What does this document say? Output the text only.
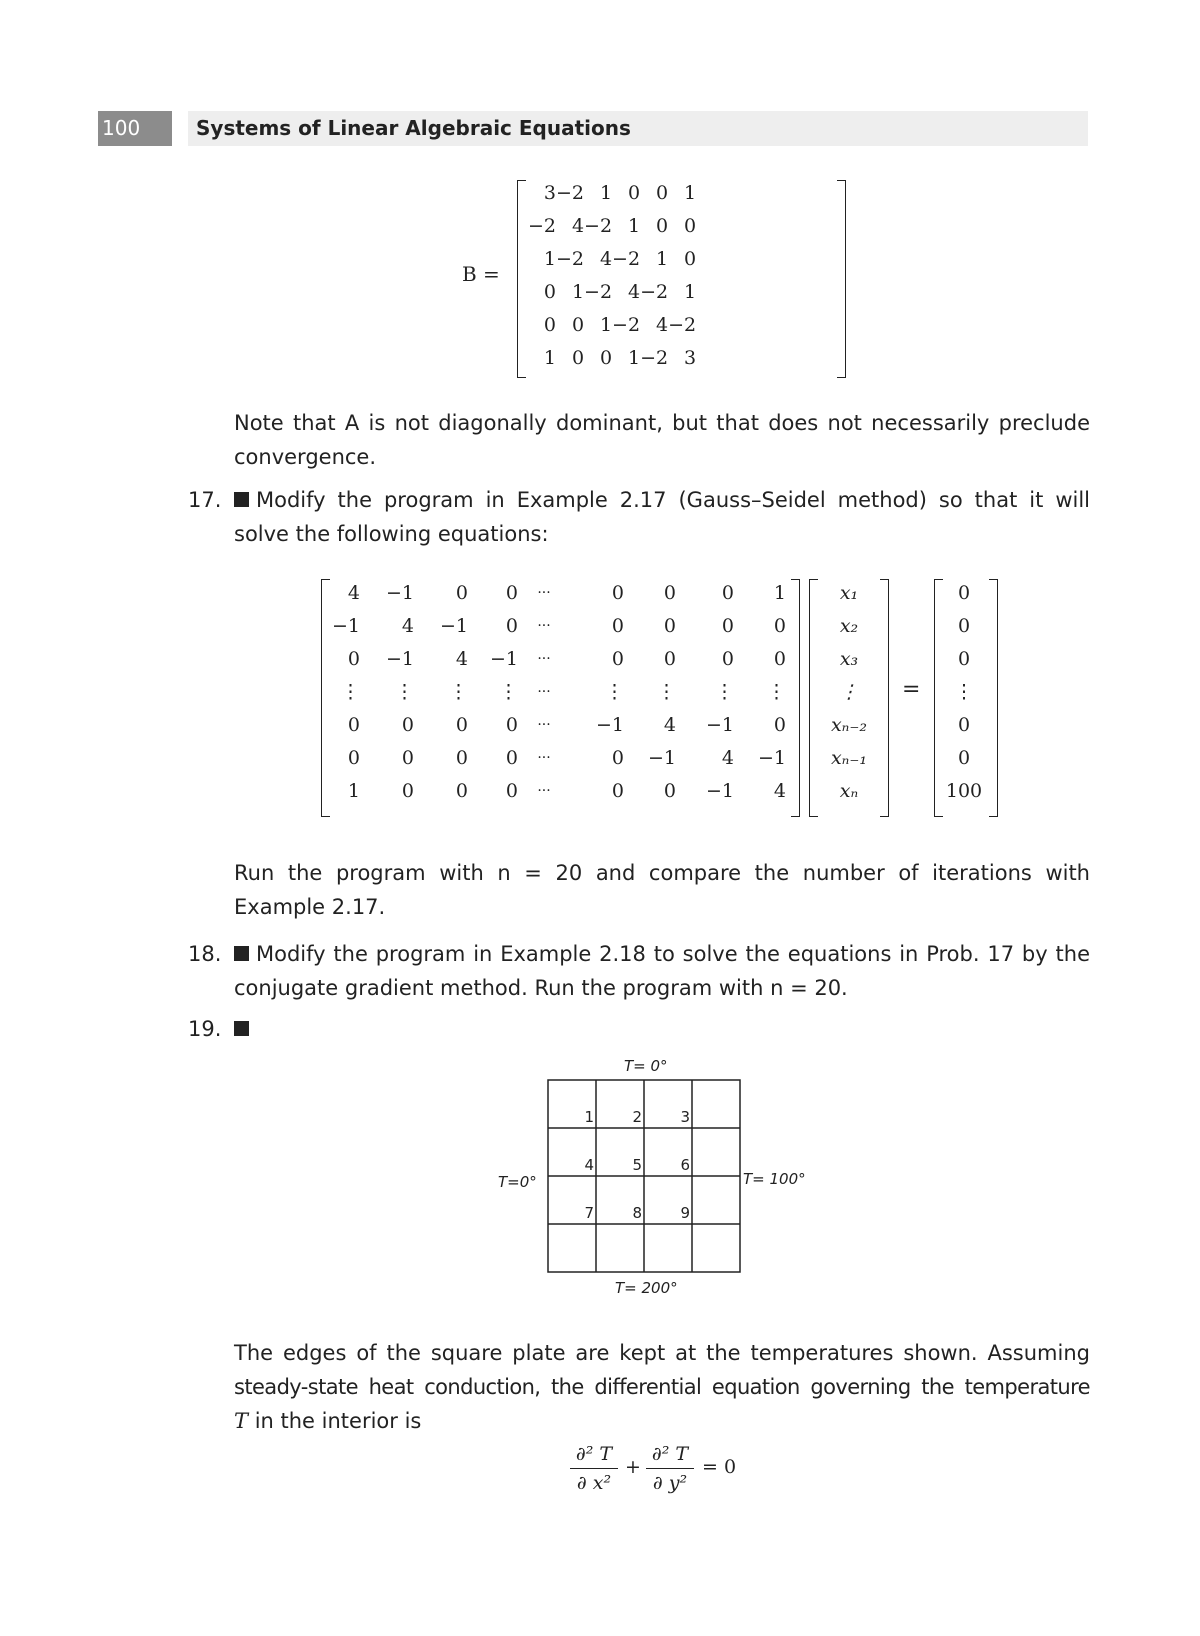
100	Systems of Linear Algebraic Equations
B =
3	−2	1	0	0	1
−2	4	−2	1	0	0
1	−2	4	−2	1	0
0	1	−2	4	−2	1
0	0	1	−2	4	−2
1	0	0	1	−2	3
Note that A is not diagonally dominant, but that does not necessarily preclude convergence.
17.	Modify the program in Example 2.17 (Gauss–Seidel method) so that it will solve the following equations:
4	−1	0	0	···	0	0	0	1
−1	4	−1	0	···	0	0	0	0
0	−1	4	−1	···	0	0	0	0
⋮	⋮	⋮	⋮	···	⋮	⋮	⋮	⋮
0	0	0	0	···	−1	4	−1	0
0	0	0	0	···	0	−1	4	−1
1	0	0	0	···	0	0	−1	4
x₁
x₂
x₃
⋮
xₙ₋₂
xₙ₋₁
xₙ
=
0
0
0
⋮
0
0
100
Run the program with n = 20 and compare the number of iterations with Example 2.17.
18.	Modify the program in Example 2.18 to solve the equations in Prob. 17 by the conjugate gradient method. Run the program with n = 20.
19.
T= 0°
T=0°	T= 100°
T= 200°
1	2	3
4	5	6
7	8	9
The edges of the square plate are kept at the temperatures shown. Assuming
steady-state heat conduction, the differential equation governing the temperature
T in the interior is
∂² T
∂ x²
+
∂² T
∂ y²
= 0
